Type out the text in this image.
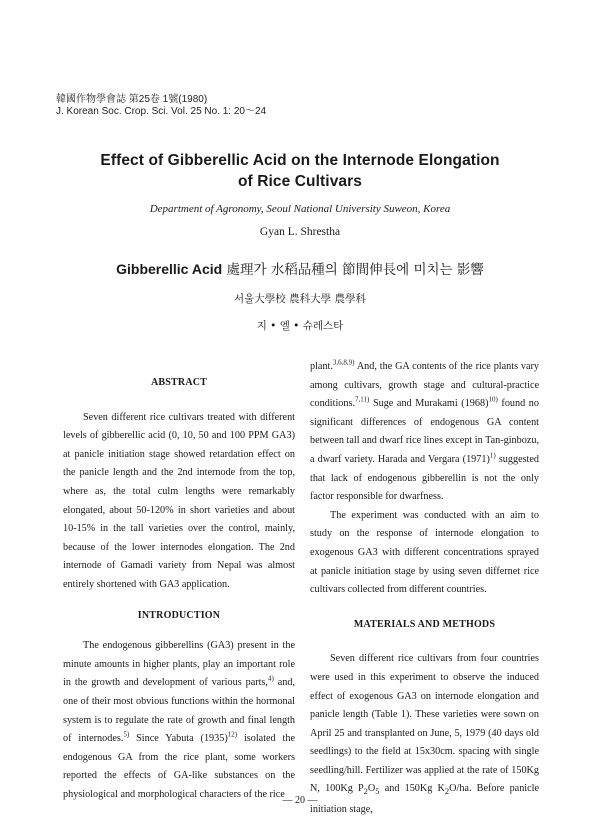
韓國作物學會誌 第25卷 1號(1980)
J. Korean Soc. Crop. Sci. Vol. 25 No. 1: 20～24
Effect of Gibberellic Acid on the Internode Elongation
of Rice Cultivars
Department of Agronomy, Seoul National University Suweon, Korea
Gyan L. Shrestha
Gibberellic Acid 處理가 水稻品種의 節間伸長에 미치는 影響
서울大學校 農科大學 農學科
지 • 엘 • 슈레스타

ABSTRACT

Seven different rice cultivars treated with different levels of gibberellic acid (0, 10, 50 and 100 PPM GA3) at panicle initiation stage showed retardation effect on the panicle length and the 2nd internode from the top, where as, the total culm lengths were remarkably elongated, about 50-120% in short varieties and about 10-15% in the tall varieties over the control, mainly, because of the lower internodes elongation. The 2nd internode of Gamadi variety from Nepal was almost entirely shortened with GA3 application.

INTRODUCTION

The endogenous gibberellins (GA3) present in the minute amounts in higher plants, play an important role in the growth and development of various parts,$^{4)}$ and, one of their most obvious functions within the hormonal system is to regulate the rate of growth and final length of internodes.$^{5)}$ Since Yabuta $(1935)^{12)}$ isolated the endogenous GA from the rice plant, some workers reported the effects of GA-like substances on the physiological and morphological characters of the rice

plant.$^{3,6,8,9)}$ And, the GA contents of the rice plants vary among cultivars, growth stage and cultural-practice conditions.$^{7,11)}$ Suge and Murakami $(1968)^{10)}$ found no significant differences of endogenous GA content between tall and dwarf rice lines except in Tan-ginbozu, a dwarf variety. Harada and Vergara $(1971)^{1)}$ suggested that lack of endogenous gibberellin is not the only factor responsible for dwarfness.

The experiment was conducted with an aim to study on the response of internode elongation to exogenous GA3 with different concentrations sprayed at panicle initiation stage by using seven differnet rice cultivars collected from different countries.

MATERIALS AND METHODS

Seven different rice cultivars from four countries were used in this experiment to observe the induced effect of exogenous GA3 on internode elongation and panicle length (Table 1). These varieties were sown on April 25 and transplanted on June, 5, 1979 (40 days old seedlings) to the field at 15x30cm. spacing with single seedling/hill. Fertilizer was applied at the rate of 150Kg N, 100Kg $P_2O_5$ and 150Kg $K_2O/ha$. Before panicle initiation stage,

— 20 —
